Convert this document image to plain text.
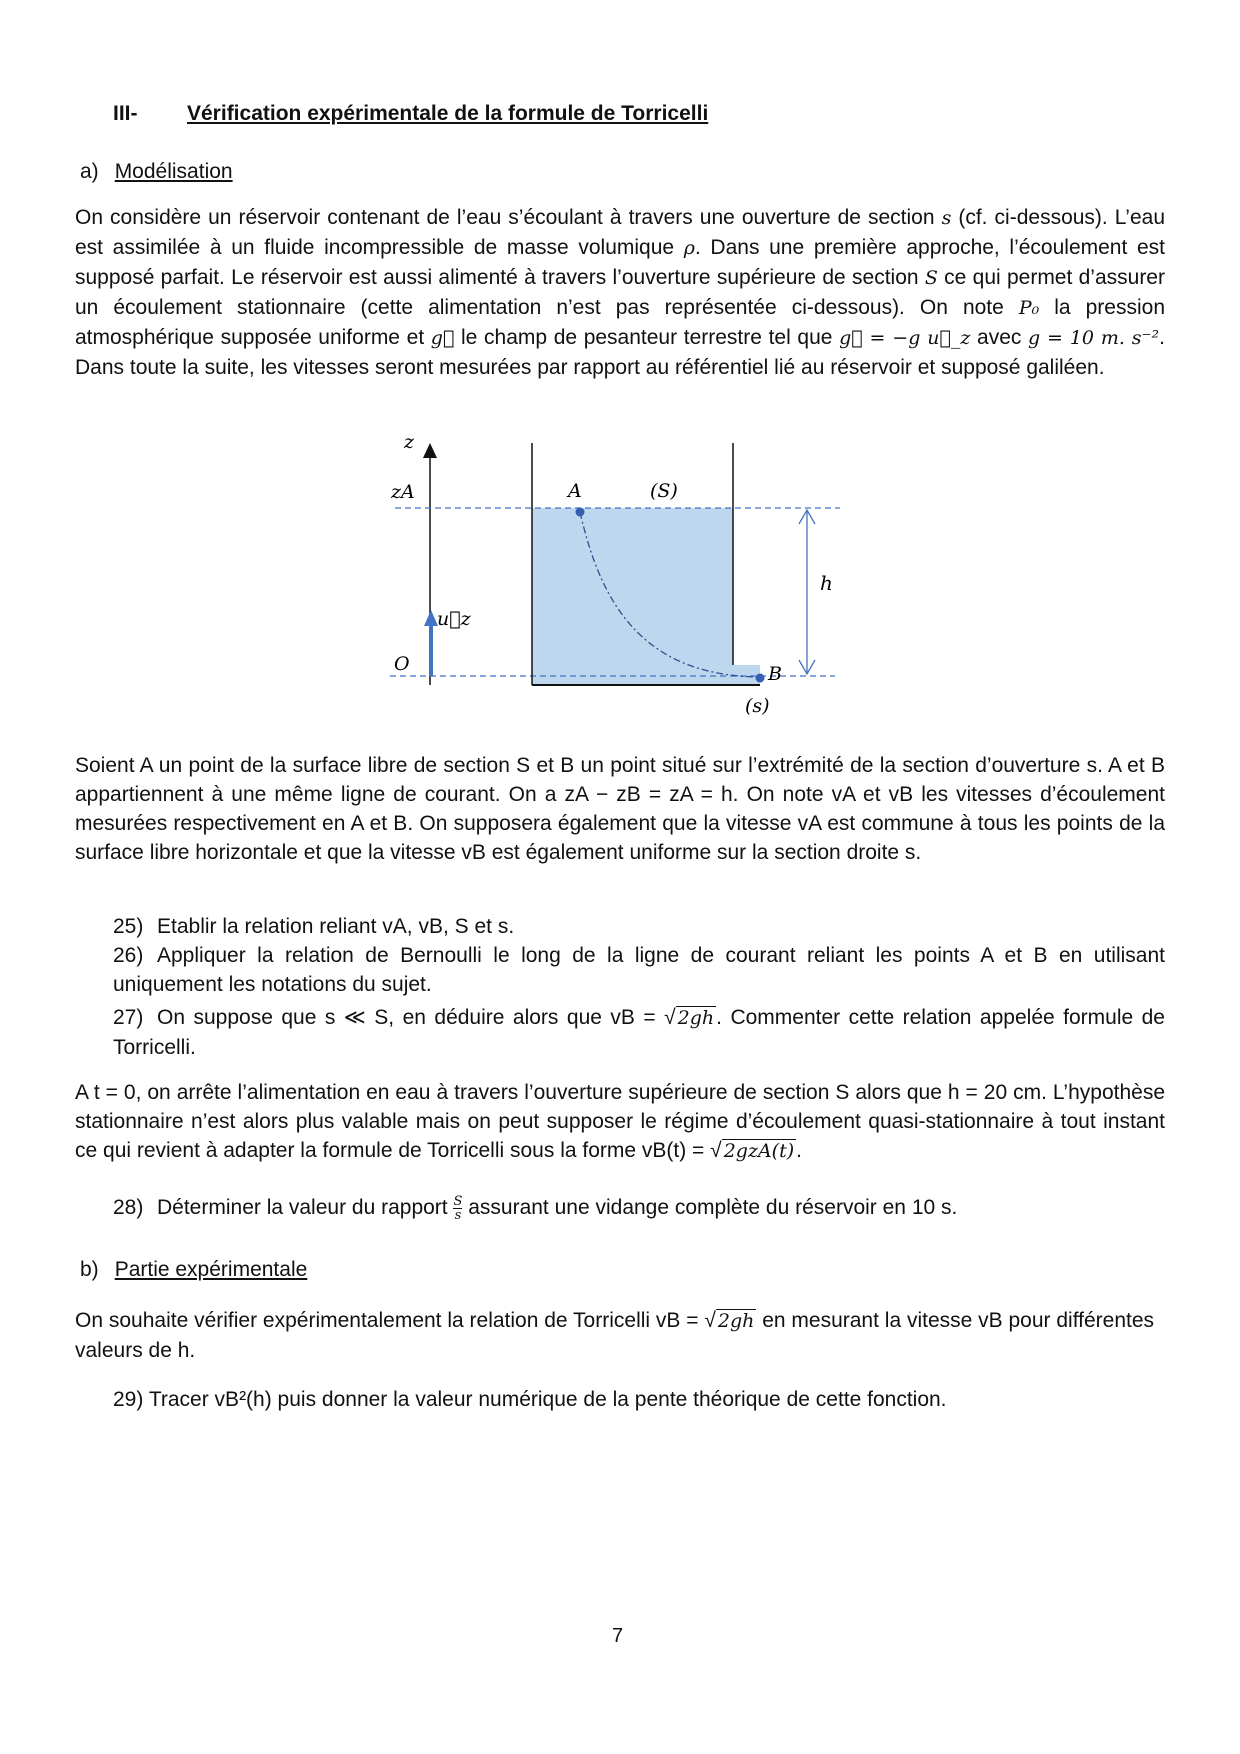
III- Vérification expérimentale de la formule de Torricelli
a) Modélisation
On considère un réservoir contenant de l’eau s’écoulant à travers une ouverture de section s (cf. ci-dessous). L’eau est assimilée à un fluide incompressible de masse volumique ρ. Dans une première approche, l’écoulement est supposé parfait. Le réservoir est aussi alimenté à travers l’ouverture supérieure de section S ce qui permet d’assurer un écoulement stationnaire (cette alimentation n’est pas représentée ci-dessous). On note P₀ la pression atmosphérique supposée uniforme et g⃗ le champ de pesanteur terrestre tel que g⃗ = −g u⃗_z avec g = 10 m. s⁻². Dans toute la suite, les vitesses seront mesurées par rapport au référentiel lié au réservoir et supposé galiléen.
z
zA
O
u⃗z
A	(S)
h
B
(s)
Soient A un point de la surface libre de section S et B un point situé sur l’extrémité de la section d’ouverture s. A et B appartiennent à une même ligne de courant. On a zA − zB = zA = h. On note vA et vB les vitesses d’écoulement mesurées respectivement en A et B. On supposera également que la vitesse vA est commune à tous les points de la surface libre horizontale et que la vitesse vB est également uniforme sur la section droite s.
25) Etablir la relation reliant vA, vB, S et s.
26) Appliquer la relation de Bernoulli le long de la ligne de courant reliant les points A et B en utilisant uniquement les notations du sujet.
27) On suppose que s ≪ S, en déduire alors que vB = √ 2gh. Commenter cette relation appelée formule de Torricelli.
A t = 0, on arrête l’alimentation en eau à travers l’ouverture supérieure de section S alors que h = 20 cm. L’hypothèse stationnaire n’est alors plus valable mais on peut supposer le régime d’écoulement quasi-stationnaire à tout instant ce qui revient à adapter la formule de Torricelli sous la forme vB(t) = √ 2gzA(t).
28) Déterminer la valeur du rapport $\frac{S}{s}$ assurant une vidange complète du réservoir en 10 s.
b) Partie expérimentale
On souhaite vérifier expérimentalement la relation de Torricelli vB = √ 2gh en mesurant la vitesse vB pour différentes valeurs de h.
29) Tracer vB²(h) puis donner la valeur numérique de la pente théorique de cette fonction.
7
